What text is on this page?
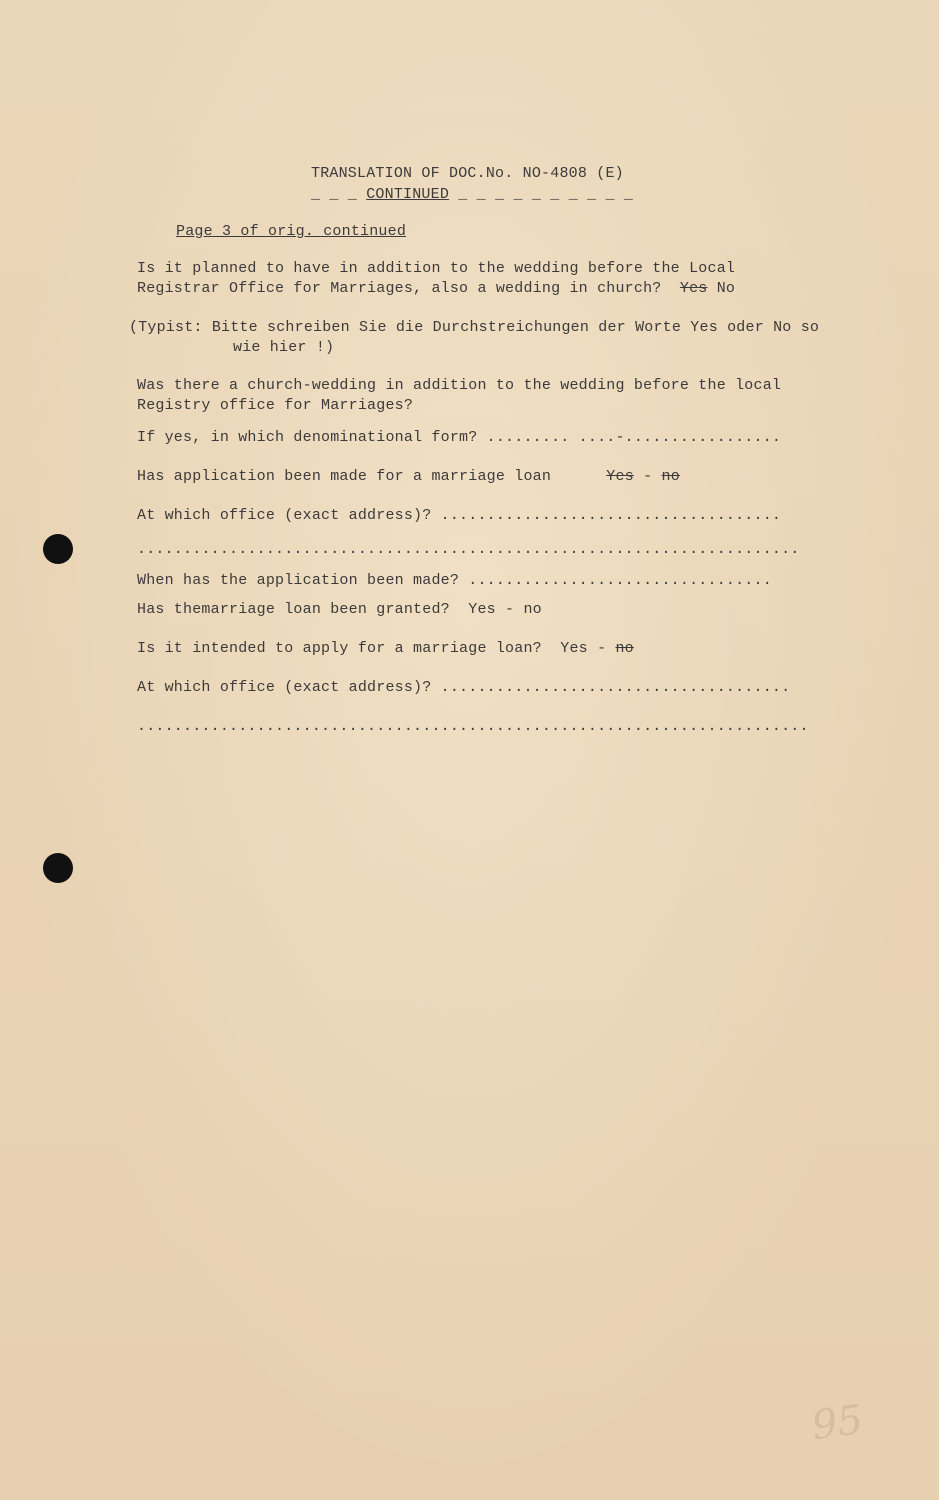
TRANSLATION OF DOC.No. NO-4808 (E)
_ _ _ CONTINUED _ _ _ _ _ _ _ _ _ _
Page 3 of orig. continued
Is it planned to have in addition to the wedding before the Local
Registrar Office for Marriages, also a wedding in church? Yes No
(Typist: Bitte schreiben Sie die Durchstreichungen der Worte Yes oder No so
wie hier !)
Was there a church-wedding in addition to the wedding before the local
Registry office for Marriages?
If yes, in which denominational form? ......... ....-.................
Has application been made for a marriage loan	Yes - no
At which office (exact address)? .....................................
........................................................................
When has the application been made? .................................
Has themarriage loan been granted?  Yes - no
Is it intended to apply for a marriage loan?  Yes - no
At which office (exact address)? ......................................
.........................................................................
95
